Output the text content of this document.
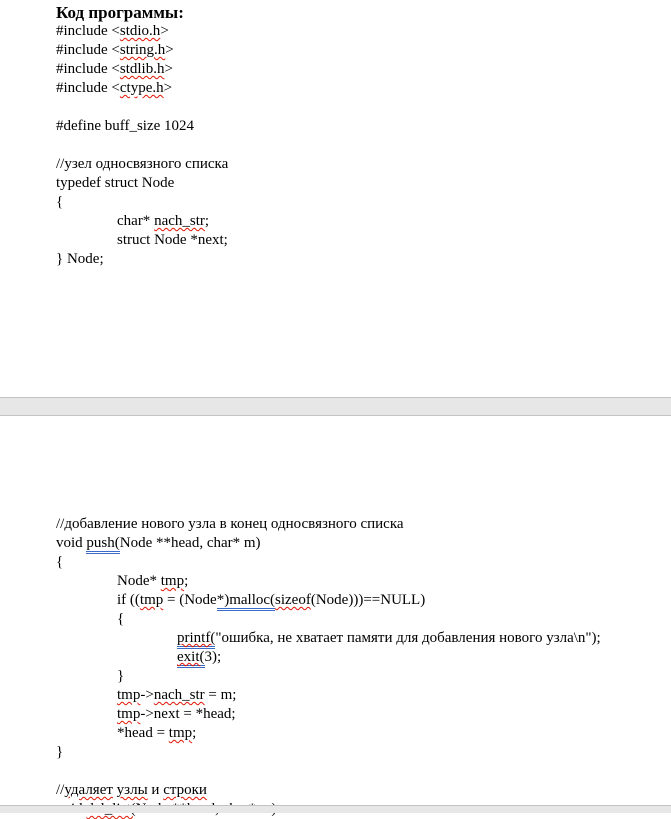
Код программы:
#include <stdio.h>
#include <string.h>
#include <stdlib.h>
#include <ctype.h>
#define buff_size 1024
//узел односвязного списка
typedef struct Node
{
char* nach_str;
struct Node *next;
} Node;
//добавление нового узла в конец односвязного списка
void push(Node **head, char* m)
{
Node* tmp;
if ((tmp = (Node*)malloc(sizeof(Node)))==NULL)
{
printf("ошибка, не хватает памяти для добавления нового узла\n");
exit(3);
}
tmp->nach_str = m;
tmp->next = *head;
*head = tmp;
}
//удаляет узлы и строки
